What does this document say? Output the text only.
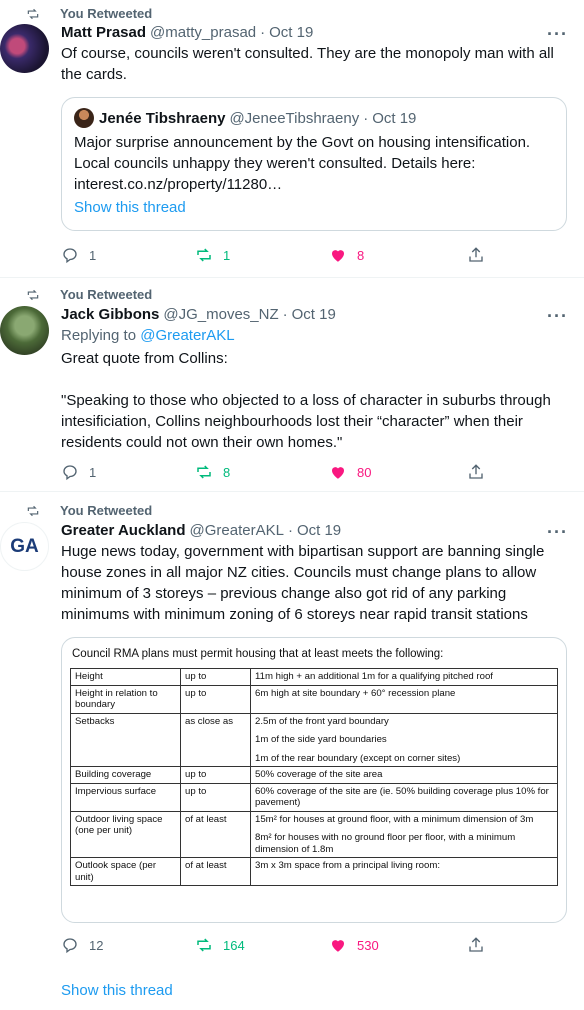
You Retweeted
···
Matt Prasad @matty_prasad · Oct 19
Of course, councils weren't consulted. They are the monopoly man with all the cards.
Jenée Tibshraeny @JeneeTibshraeny · Oct 19
Major surprise announcement by the Govt on housing intensification. Local councils unhappy they weren't consulted. Details here: interest.co.nz/property/11280…
Show this thread
1	1	8
You Retweeted
···
Jack Gibbons @JG_moves_NZ · Oct 19
Replying to @GreaterAKL
Great quote from Collins:
"Speaking to those who objected to a loss of character in suburbs through intesificiation, Collins neighbourhoods lost their “character” when their residents could not own their own homes."
1	8	80
You Retweeted
GA
···
Greater Auckland @GreaterAKL · Oct 19
Huge news today, government with bipartisan support are banning single house zones in all major NZ cities. Councils must change plans to allow minimum of 3 storeys – previous change also got rid of any parking minimums with minimum zoning of 6 storeys near rapid transit stations
Council RMA plans must permit housing that at least meets the following:
Height	up to	11m high + an additional 1m for a qualifying pitched roof

Height in relation to boundary	up to	6m high at site boundary + 60° recession plane

Setbacks	as close as	2.5m of the front yard boundary
1m of the side yard boundaries
1m of the rear boundary (except on corner sites)

Building coverage	up to	50% coverage of the site area

Impervious surface	up to	60% coverage of the site are (ie. 50% building coverage plus 10% for pavement)

Outdoor living space (one per unit)	of at least	15m² for houses at ground floor, with a minimum dimension of 3m
8m² for houses with no ground floor per floor, with a minimum dimension of 1.8m

Outlook space (per unit)	of at least	3m x 3m space from a principal living room:
12	164	530
Show this thread
